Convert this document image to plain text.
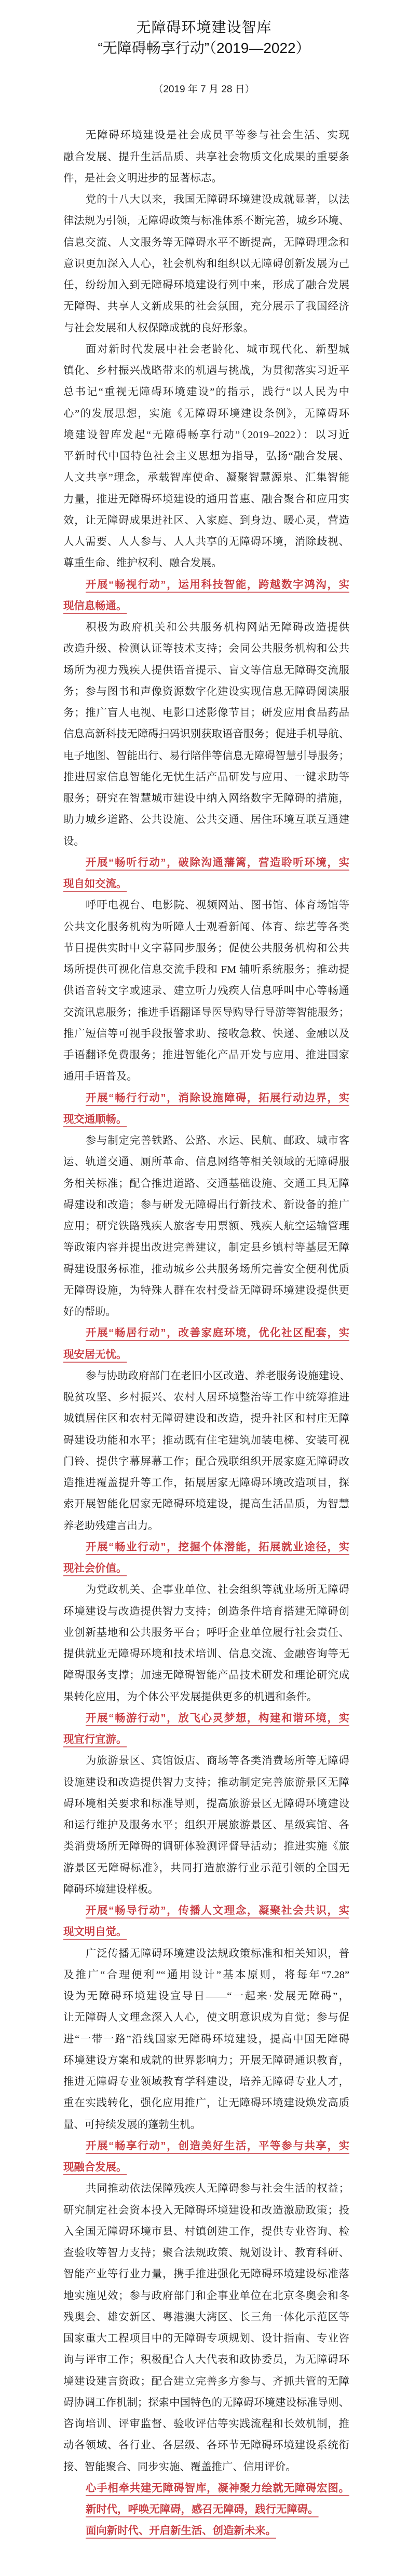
无障碍环境建设智库
“无障碍畅享行动”（2019—2022）
（2019 年 7 月 28 日）
无障碍环境建设是社会成员平等参与社会生活、实现
融合发展、提升生活品质、共享社会物质文化成果的重要条
件，是社会文明进步的显著标志。
党的十八大以来，我国无障碍环境建设成就显著，以法
律法规为引领，无障碍政策与标准体系不断完善，城乡环境、
信息交流、人文服务等无障碍水平不断提高，无障碍理念和
意识更加深入人心，社会机构和组织以无障碍创新发展为己
任，纷纷加入到无障碍环境建设行列中来，形成了融合发展
无障碍、共享人文新成果的社会氛围，充分展示了我国经济
与社会发展和人权保障成就的良好形象。
面对新时代发展中社会老龄化、城市现代化、新型城
镇化、乡村振兴战略带来的机遇与挑战，为贯彻落实习近平
总书记“重视无障碍环境建设”的指示，践行“以人民为中
心”的发展思想，实施《无障碍环境建设条例》，无障碍环
境建设智库发起“无障碍畅享行动”（2019–2022）：以习近
平新时代中国特色社会主义思想为指导，弘扬“融合发展、
人文共享”理念，承载智库使命、凝聚智慧源泉、汇集智能
力量，推进无障碍环境建设的通用普惠、融合聚合和应用实
效，让无障碍成果进社区、入家庭、到身边、暖心灵，营造
人人需要、人人参与、人人共享的无障碍环境，消除歧视、
尊重生命、维护权利、融合发展。
开展“畅视行动”，运用科技智能，跨越数字鸿沟，实
现信息畅通。
积极为政府机关和公共服务机构网站无障碍改造提供
改造升级、检测认证等技术支持；会同公共服务机构和公共
场所为视力残疾人提供语音提示、盲文等信息无障碍交流服
务；参与图书和声像资源数字化建设实现信息无障碍阅读服
务；推广盲人电视、电影口述影像节目；研发应用食品药品
信息高新科技无障碍扫码识别获取语音服务；促进手机导航、
电子地图、智能出行、易行陪伴等信息无障碍智慧引导服务；
推进居家信息智能化无忧生活产品研发与应用、一键求助等
服务；研究在智慧城市建设中纳入网络数字无障碍的措施，
助力城乡道路、公共设施、公共交通、居住环境互联互通建
设。
开展“畅听行动”，破除沟通藩篱，营造聆听环境，实
现自如交流。
呼吁电视台、电影院、视频网站、图书馆、体育场馆等
公共文化服务机构为听障人士观看新闻、体育、综艺等各类
节目提供实时中文字幕同步服务；促使公共服务机构和公共
场所提供可视化信息交流手段和 FM 辅听系统服务；推动提
供语音转文字或速录、建立听力残疾人信息呼叫中心等畅通
交流讯息服务；推进手语翻译导医导购导行导游等智能服务；
推广短信等可视手段报警求助、接收急救、快递、金融以及
手语翻译免费服务；推进智能化产品开发与应用、推进国家
通用手语普及。
开展“畅行行动”，消除设施障碍，拓展行动边界，实
现交通顺畅。
参与制定完善铁路、公路、水运、民航、邮政、城市客
运、轨道交通、厕所革命、信息网络等相关领域的无障碍服
务相关标准；配合推进道路、交通基础设施、交通工具无障
碍建设和改造；参与研发无障碍出行新技术、新设备的推广
应用；研究铁路残疾人旅客专用票额、残疾人航空运输管理
等政策内容并提出改进完善建议，制定县乡镇村等基层无障
碍建设服务标准，推动城乡公共服务场所完善安全便利优质
无障碍设施，为特殊人群在农村受益无障碍环境建设提供更
好的帮助。
开展“畅居行动”，改善家庭环境，优化社区配套，实
现安居无忧。
参与协助政府部门在老旧小区改造、养老服务设施建设、
脱贫攻坚、乡村振兴、农村人居环境整治等工作中统筹推进
城镇居住区和农村无障碍建设和改造，提升社区和村庄无障
碍建设功能和水平；推动既有住宅建筑加装电梯、安装可视
门铃、提供字幕屏幕工作；配合残联组织开展家庭无障碍改
造推进覆盖提升等工作，拓展居家无障碍环境改造项目，探
索开展智能化居家无障碍环境建设，提高生活品质，为智慧
养老助残建言出力。
开展“畅业行动”，挖掘个体潜能，拓展就业途径，实
现社会价值。
为党政机关、企事业单位、社会组织等就业场所无障碍
环境建设与改造提供智力支持；创造条件培育搭建无障碍创
业创新基地和公共服务平台；呼吁企业单位履行社会责任、
提供就业无障碍环境和技术培训、信息交流、金融咨询等无
障碍服务支撑；加速无障碍智能产品技术研发和理论研究成
果转化应用，为个体公平发展提供更多的机遇和条件。
开展“畅游行动”，放飞心灵梦想，构建和谐环境，实
现宜行宜游。
为旅游景区、宾馆饭店、商场等各类消费场所等无障碍
设施建设和改造提供智力支持；推动制定完善旅游景区无障
碍环境相关要求和标准导则，提高旅游景区无障碍环境建设
和运行维护及服务水平；组织开展旅游景区、星级宾馆、各
类消费场所无障碍的调研体验测评督导活动；推进实施《旅
游景区无障碍标准》，共同打造旅游行业示范引领的全国无
障碍环境建设样板。
开展“畅导行动”，传播人文理念，凝聚社会共识，实
现文明自觉。
广泛传播无障碍环境建设法规政策标准和相关知识，普
及推广“合理便利”“通用设计”基本原则，将每年“7.28”
设为无障碍环境建设宣导日——“一起来·发展无障碍”，
让无障碍人文理念深入人心，使文明意识成为自觉；参与促
进“一带一路”沿线国家无障碍环境建设，提高中国无障碍
环境建设方案和成就的世界影响力；开展无障碍通识教育，
推进无障碍专业领域教育学科建设，培养无障碍专业人才，
重在实践转化，强化应用推广，让无障碍环境建设焕发高质
量、可持续发展的蓬勃生机。
开展“畅享行动”，创造美好生活，平等参与共享，实
现融合发展。
共同推动依法保障残疾人无障碍参与社会生活的权益；
研究制定社会资本投入无障碍环境建设和改造激励政策；投
入全国无障碍环境市县、村镇创建工作，提供专业咨询、检
查验收等智力支持；聚合法规政策、规划设计、教育科研、
智能产业等行业力量，携手推进强化无障碍环境建设标准落
地实施见效；参与政府部门和企事业单位在北京冬奥会和冬
残奥会、雄安新区、粤港澳大湾区、长三角一体化示范区等
国家重大工程项目中的无障碍专项规划、设计指南、专业咨
询与评审工作；积极配合人大代表和政协委员，为无障碍环
境建设建言资政；配合建立完善多方参与、齐抓共管的无障
碍协调工作机制；探索中国特色的无障碍环境建设标准导则、
咨询培训、评审监督、验收评估等实践流程和长效机制，推
动各领域、各行业、各层级、各环节无障碍环境建设系统衔
接、智能聚合、同步实施、覆盖推广、信用评价。
心手相牵共建无障碍智库，凝神聚力绘就无障碍宏图。
新时代，呼唤无障碍，感召无障碍，践行无障碍。
面向新时代、开启新生活、创造新未来。
